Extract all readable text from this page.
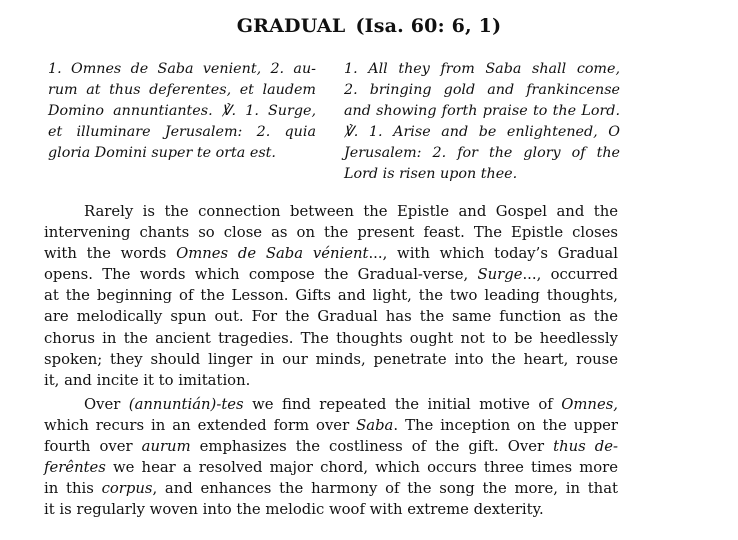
GRADUAL (Isa. 60: 6, 1)
1. Omnes de Saba venient, 2. au-
rum at thus deferentes, et laudem
Domino annuntiantes. ℣. 1. Surge,
et illuminare Jerusalem: 2. quia
gloria Domini super te orta est.
1. All they from Saba shall come,
2. bringing gold and frankincense
and showing forth praise to the Lord.
℣. 1. Arise and be enlightened, O
Jerusalem: 2. for the glory of the
Lord is risen upon thee.
Rarely is the connection between the Epistle and Gospel and the
intervening chants so close as on the present feast. The Epistle closes
with the words Omnes de Saba vénient..., with which today’s Gradual
opens. The words which compose the Gradual-verse, Surge..., occurred
at the beginning of the Lesson. Gifts and light, the two leading thoughts,
are melodically spun out. For the Gradual has the same function as the
chorus in the ancient tragedies. The thoughts ought not to be heedlessly
spoken; they should linger in our minds, penetrate into the heart, rouse
it, and incite it to imitation.
Over (annuntián)-tes we find repeated the initial motive of Omnes,
which recurs in an extended form over Saba. The inception on the upper
fourth over aurum emphasizes the costliness of the gift. Over thus de-
ferêntes we hear a resolved major chord, which occurs three times more
in this corpus, and enhances the harmony of the song the more, in that
it is regularly woven into the melodic woof with extreme dexterity.
